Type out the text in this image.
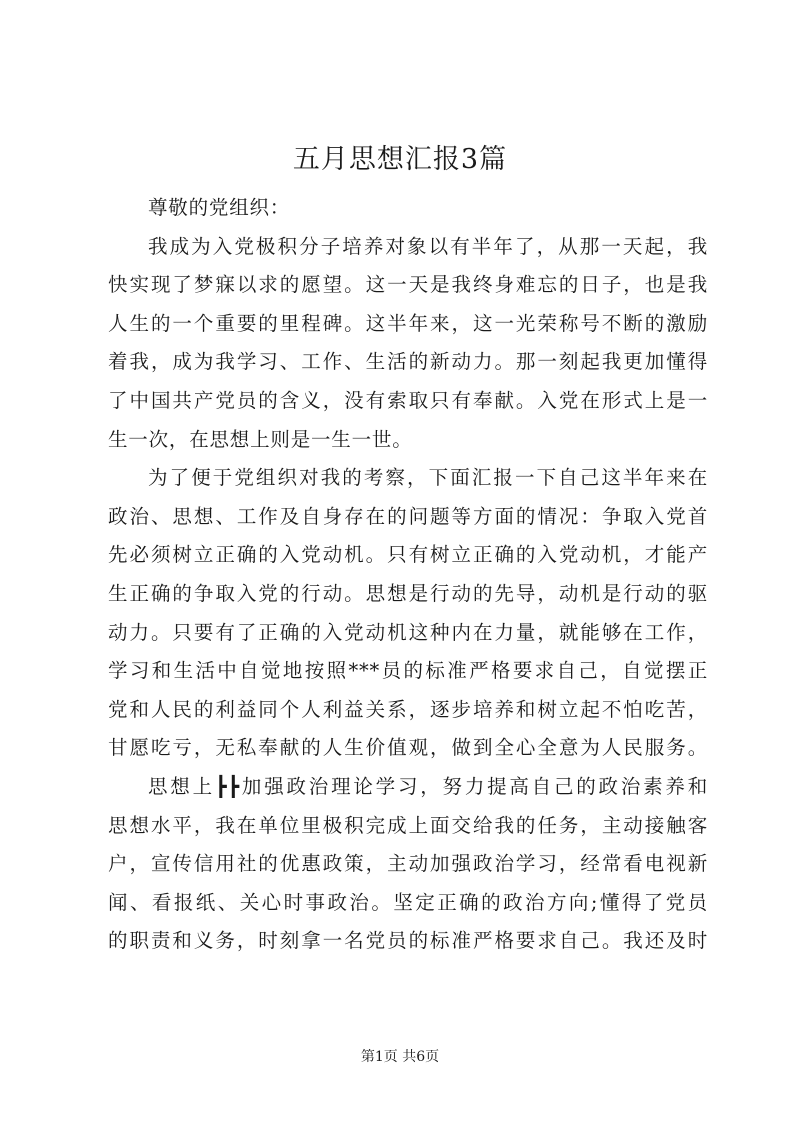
五月思想汇报3篇
尊敬的党组织：
我成为入党极积分子培养对象以有半年了，从那一天起，我
快实现了梦寐以求的愿望。这一天是我终身难忘的日子，也是我
人生的一个重要的里程碑。这半年来，这一光荣称号不断的激励
着我，成为我学习、工作、生活的新动力。那一刻起我更加懂得
了中国共产党员的含义，没有索取只有奉献。入党在形式上是一
生一次，在思想上则是一生一世。
为了便于党组织对我的考察，下面汇报一下自己这半年来在
政治、思想、工作及自身存在的问题等方面的情况：争取入党首
先必须树立正确的入党动机。只有树立正确的入党动机，才能产
生正确的争取入党的行动。思想是行动的先导，动机是行动的驱
动力。只要有了正确的入党动机这种内在力量，就能够在工作，
学习和生活中自觉地按照***员的标准严格要求自己，自觉摆正
党和人民的利益同个人利益关系，逐步培养和树立起不怕吃苦，
甘愿吃亏，无私奉献的人生价值观，做到全心全意为人民服务。
思想上┣┣加强政治理论学习，努力提高自己的政治素养和
思想水平，我在单位里极积完成上面交给我的任务，主动接触客
户，宣传信用社的优惠政策，主动加强政治学习，经常看电视新
闻、看报纸、关心时事政治。坚定正确的政治方向;懂得了党员
的职责和义务，时刻拿一名党员的标准严格要求自己。我还及时
第1页 共6页
